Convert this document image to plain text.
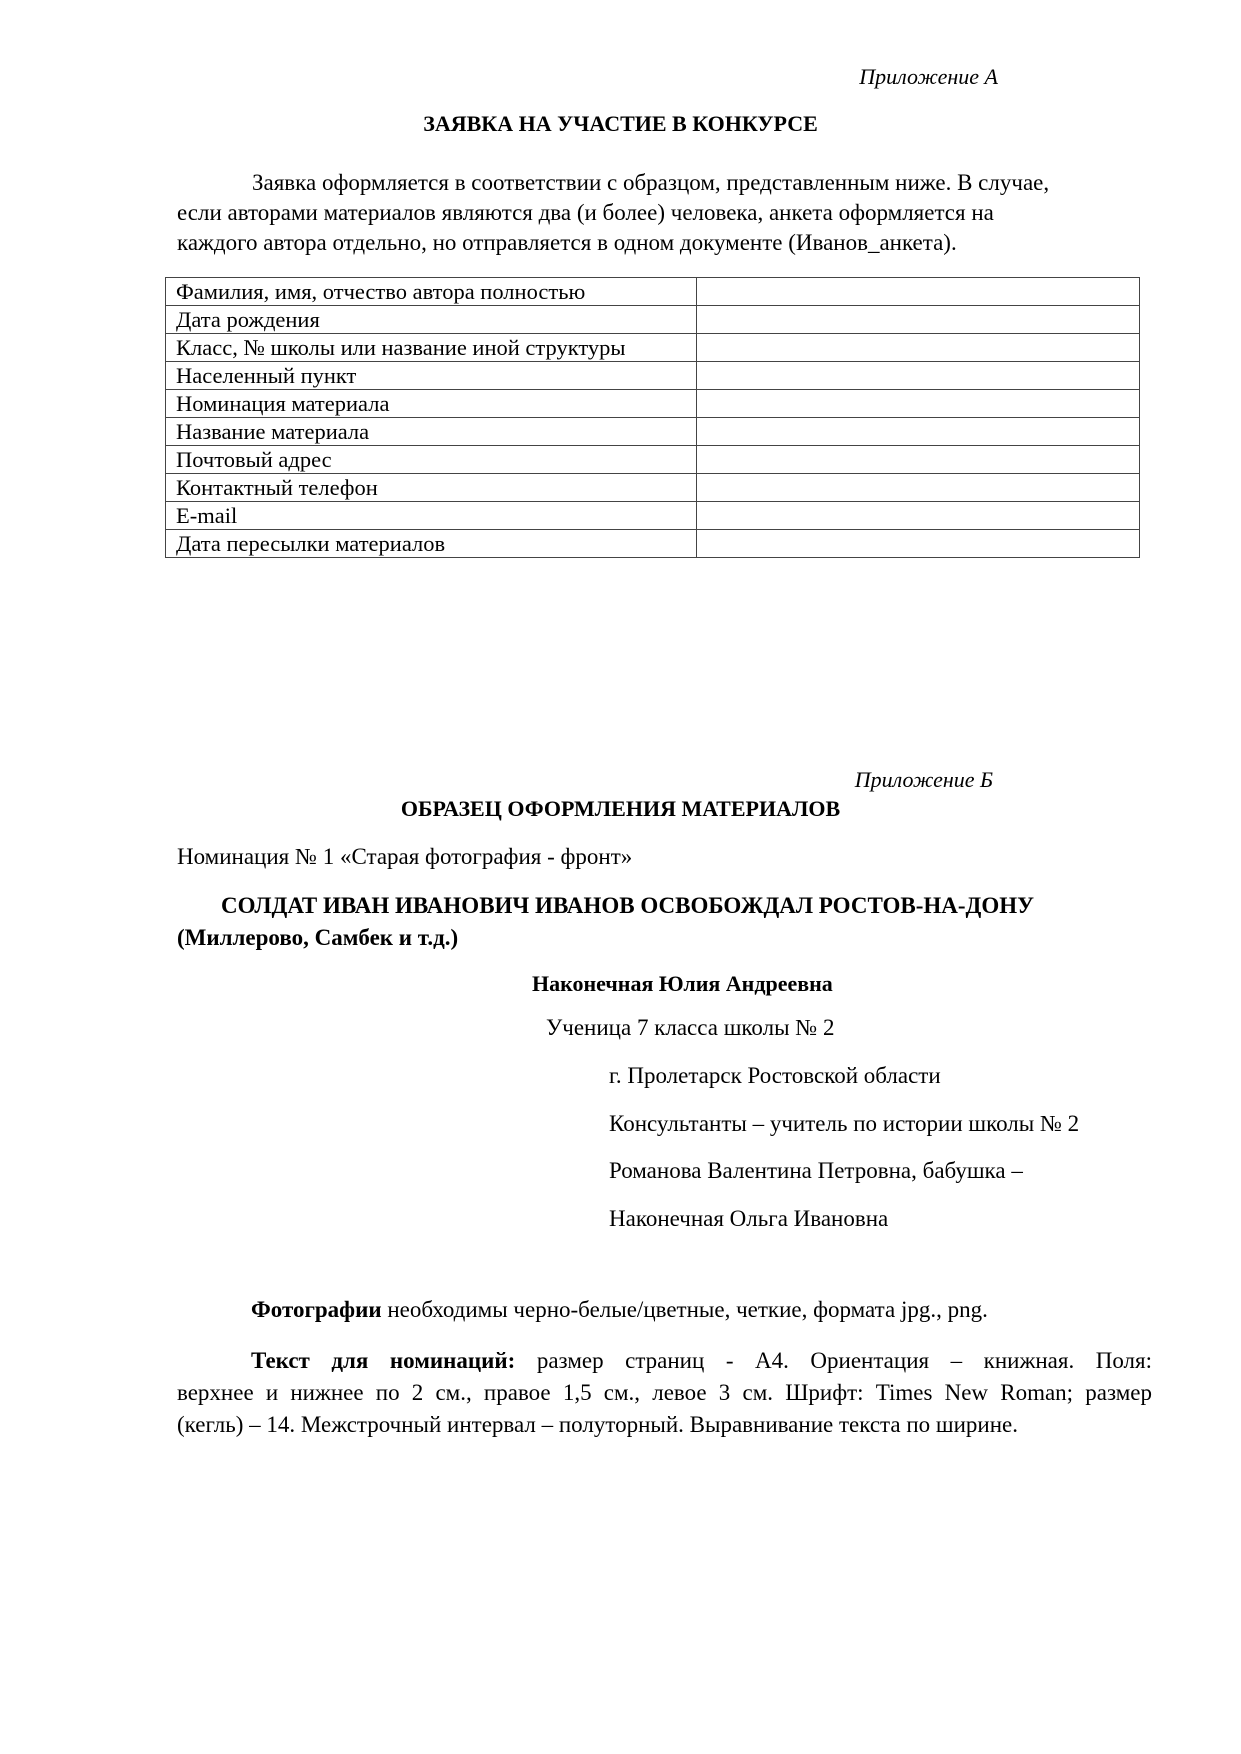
Приложение А
ЗАЯВКА НА УЧАСТИЕ В КОНКУРСЕ
Заявка оформляется в соответствии с образцом, представленным ниже. В случае,
если авторами материалов являются два (и более) человека, анкета оформляется на
каждого автора отдельно, но отправляется в одном документе (Иванов_анкета).
Фамилия, имя, отчество автора полностью	
Дата рождения	
Класс, № школы или название иной структуры	
Населенный пункт	
Номинация материала	
Название материала	
Почтовый адрес	
Контактный телефон	
E-mail	
Дата пересылки материалов	
Приложение Б
ОБРАЗЕЦ ОФОРМЛЕНИЯ МАТЕРИАЛОВ
Номинация № 1 «Старая фотография - фронт»
СОЛДАТ ИВАН ИВАНОВИЧ ИВАНОВ ОСВОБОЖДАЛ РОСТОВ-НА-ДОНУ
(Миллерово, Самбек и т.д.)
Наконечная Юлия Андреевна
Ученица 7 класса школы № 2
г. Пролетарск Ростовской области
Консультанты – учитель по истории школы № 2
Романова Валентина Петровна, бабушка –
Наконечная Ольга Ивановна
Фотографии необходимы черно-белые/цветные, четкие, формата jpg., png.
Текст для номинаций: размер страниц - А4. Ориентация – книжная. Поля:
верхнее и нижнее по 2 см., правое 1,5 см., левое 3 см. Шрифт: Times New Roman; размер
(кегль) – 14. Межстрочный интервал – полуторный. Выравнивание текста по ширине.
